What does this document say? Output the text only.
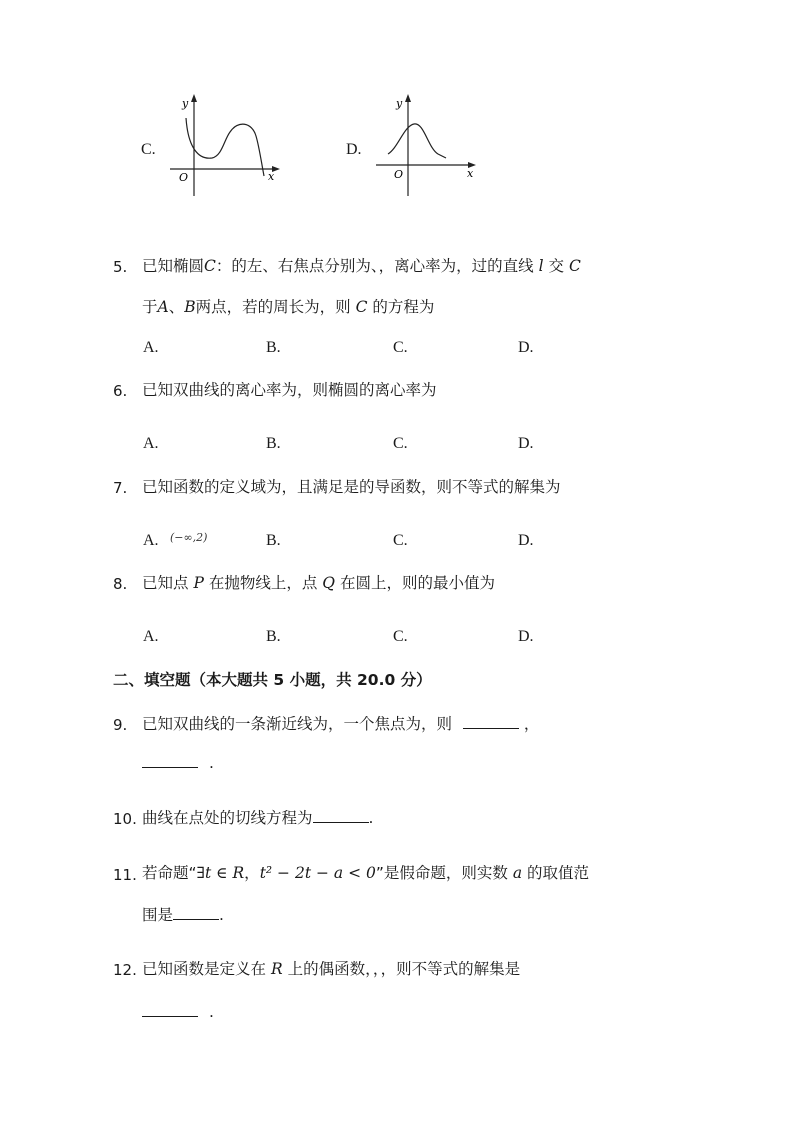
C.
y
x
O
D.
y
x
O
5. 已知椭圆C：的左、右焦点分别为、，离心率为，过的直线 l 交 C
于A、B两点，若的周长为，则 C 的方程为
A.	B.	C.	D.
6. 已知双曲线的离心率为，则椭圆的离心率为
A.	B.	C.	D.
7. 已知函数的定义域为，且满足是的导函数，则不等式的解集为
A. (−∞,2)	B.	C.	D.
8. 已知点 P 在抛物线上，点 Q 在圆上，则的最小值为
A.	B.	C.	D.
二、填空题（本大题共 5 小题，共 20.0 分）
9. 已知双曲线的一条渐近线为，一个焦点为，则	，
.
10. 曲线在点处的切线方程为	.
11. 若命题“∃t ∈ R，t² − 2t − a < 0”是假命题，则实数 a 的取值范
围是	.
12. 已知函数是定义在 R 上的偶函数，，，则不等式的解集是
.
